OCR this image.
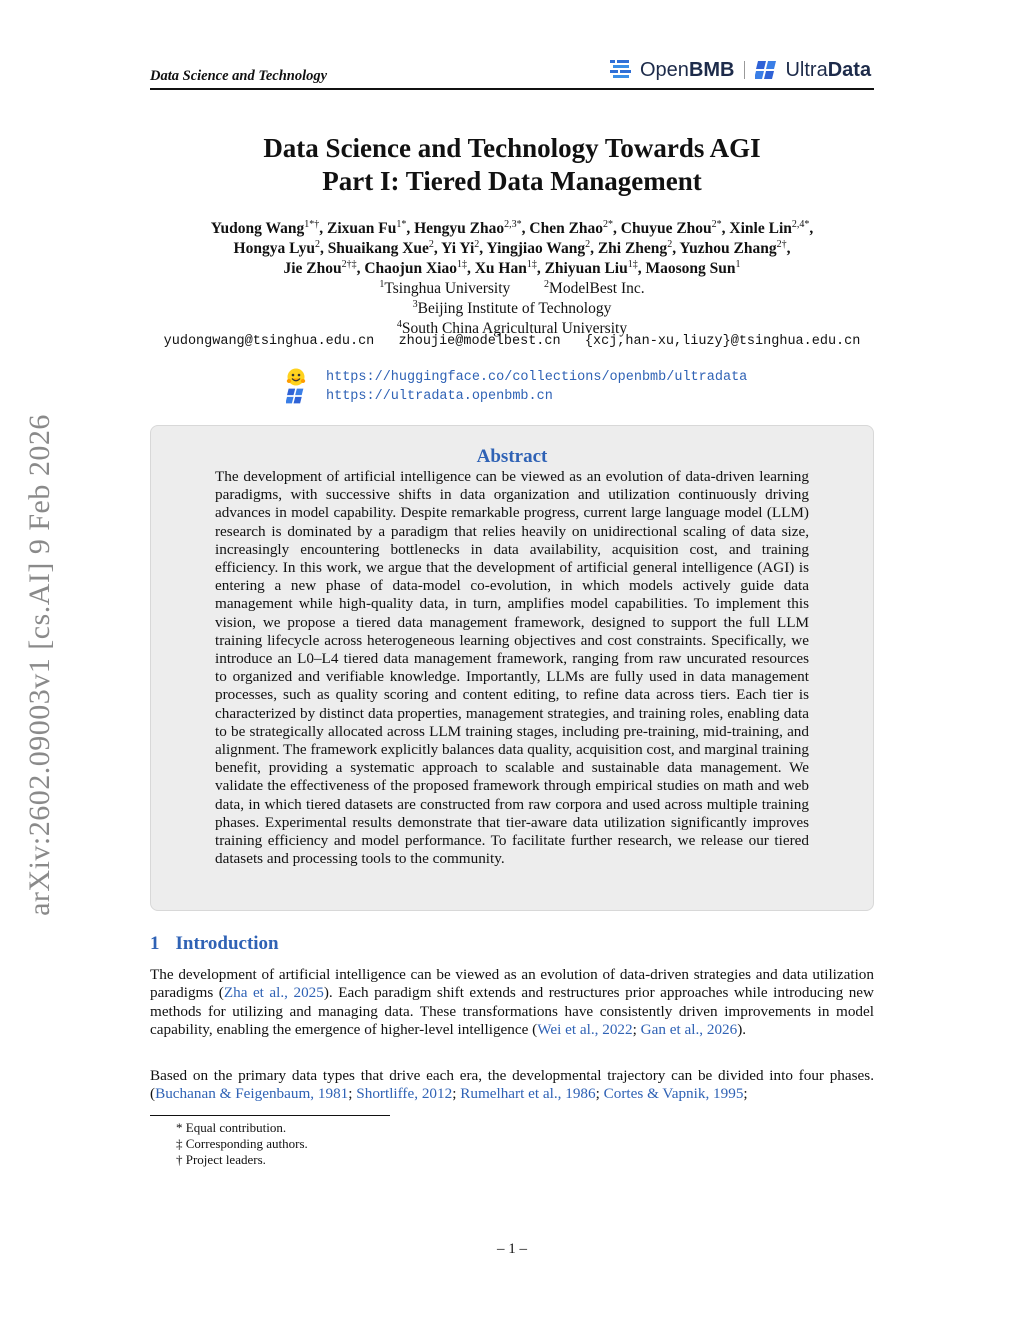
Data Science and Technology	OpenBMB	UltraData
arXiv:2602.09003v1 [cs.AI] 9 Feb 2026
Data Science and Technology Towards AGI
Part I: Tiered Data Management
Yudong Wang$^{1*\dagger}$, Zixuan $Fu^{1*}$, Hengyu Zhao$^{2,3*}$, Chen Zhao$^{2*}$, Chuyue Zhou$^{2*}$, Xinle Lin$^{2,4*}$,
Hongya Lyu$^2$, Shuaikang Xue$^2$, Yi Yi$^2$, Yingjiao Wang$^2$, Zhi Zheng$^2$, Yuzhou Zhang$^{2\dagger}$,
Jie Zhou$^{2\dagger\ddagger}$, Chaojun Xiao$^{1\ddagger}$, Xu Han$^{1\ddagger}$, Zhiyuan Liu$^{1\ddagger}$, Maosong Sun$^1$
$^1$Tsinghua University	$^2$ModelBest Inc.
$^3$Beijing Institute of Technology
$^4$South China Agricultural University
yudongwang@tsinghua.edu.cn   zhoujie@modelbest.cn   {xcj,han-xu,liuzy}@tsinghua.edu.cn
https://huggingface.co/collections/openbmb/ultradata
https://ultradata.openbmb.cn
Abstract
The development of artificial intelligence can be viewed as an evolution of data-driven learning paradigms, with successive shifts in data organization and utilization continuously driving advances in model capability. Despite remarkable progress, current large language model (LLM) research is dominated by a paradigm that relies heavily on unidirectional scaling of data size, increasingly encountering bottlenecks in data availability, acquisition cost, and training efficiency. In this work, we argue that the development of artificial general intelligence (AGI) is entering a new phase of data-model co-evolution, in which models actively guide data management while high-quality data, in turn, amplifies model capabilities. To implement this vision, we propose a tiered data management framework, designed to support the full LLM training lifecycle across heterogeneous learning objectives and cost constraints. Specifically, we introduce an L0–L4 tiered data management framework, ranging from raw uncurated resources to organized and verifiable knowledge. Importantly, LLMs are fully used in data management processes, such as quality scoring and content editing, to refine data across tiers. Each tier is characterized by distinct data properties, management strategies, and training roles, enabling data to be strategically allocated across LLM training stages, including pre-training, mid-training, and alignment. The framework explicitly balances data quality, acquisition cost, and marginal training benefit, providing a systematic approach to scalable and sustainable data management. We validate the effectiveness of the proposed framework through empirical studies on math and web data, in which tiered datasets are constructed from raw corpora and used across multiple training phases. Experimental results demonstrate that tier-aware data utilization significantly improves training efficiency and model performance. To facilitate further research, we release our tiered datasets and processing tools to the community.
1 Introduction
The development of artificial intelligence can be viewed as an evolution of data-driven strategies and data utilization paradigms (Zha et al., 2025). Each paradigm shift extends and restructures prior approaches while introducing new methods for utilizing and managing data. These transformations have consistently driven improvements in model capability, enabling the emergence of higher-level intelligence (Wei et al., 2022; Gan et al., 2026).
Based on the primary data types that drive each era, the developmental trajectory can be divided into four phases. (Buchanan & Feigenbaum, 1981; Shortliffe, 2012; Rumelhart et al., 1986; Cortes & Vapnik, 1995;
* Equal contribution.
‡ Corresponding authors.
† Project leaders.
– 1 –
